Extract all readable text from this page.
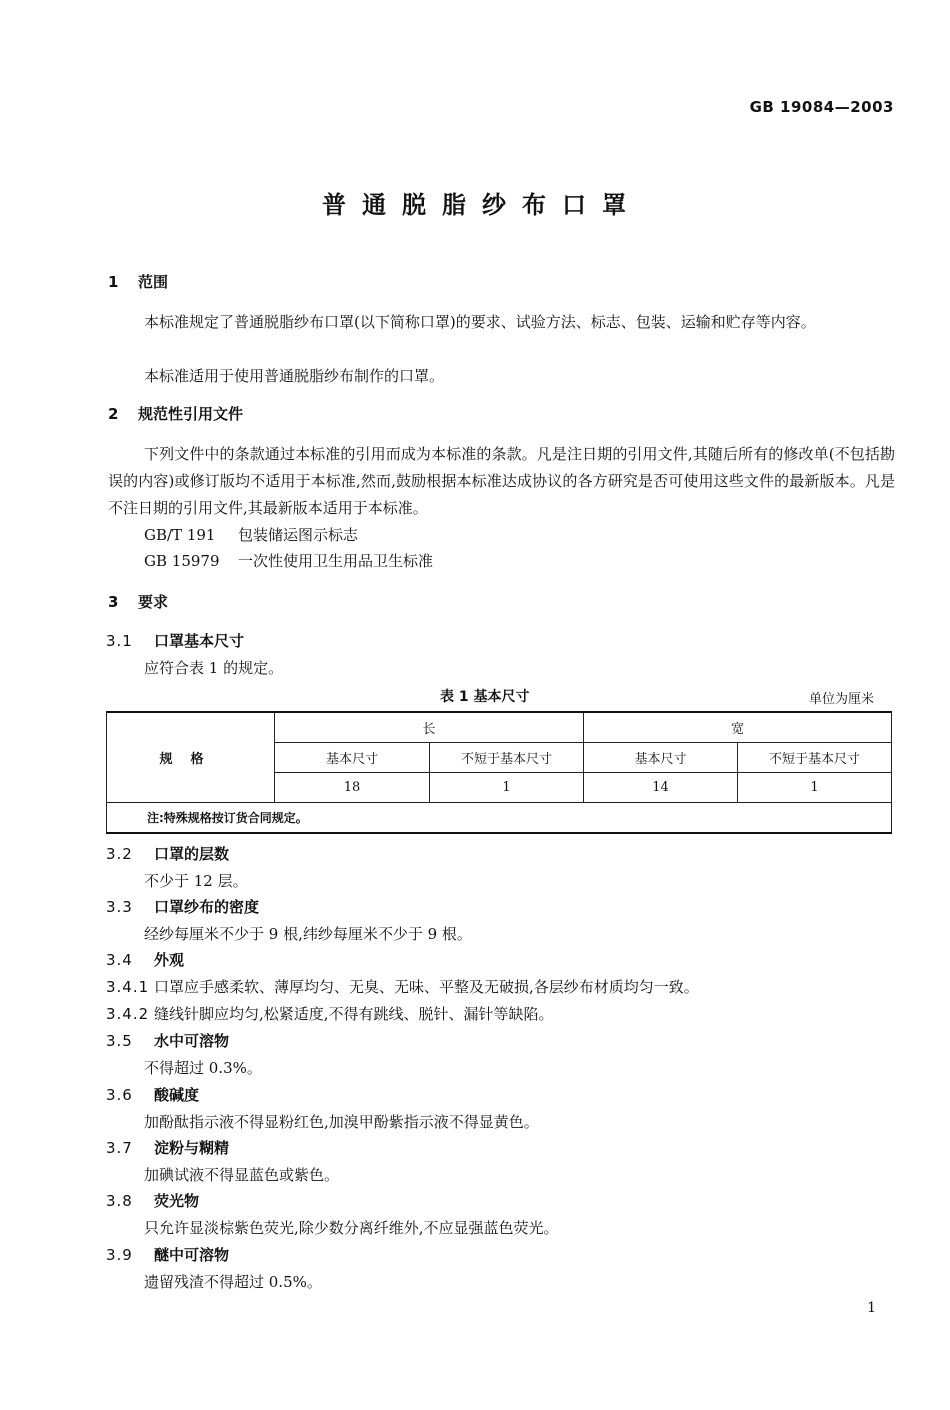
GB 19084—2003
普通脱脂纱布口罩
1 范围
本标准规定了普通脱脂纱布口罩(以下简称口罩)的要求、试验方法、标志、包装、运输和贮存等内容。
本标准适用于使用普通脱脂纱布制作的口罩。
2 规范性引用文件
下列文件中的条款通过本标准的引用而成为本标准的条款。凡是注日期的引用文件,其随后所有的修改单(不包括勘误的内容)或修订版均不适用于本标准,然而,鼓励根据本标准达成协议的各方研究是否可使用这些文件的最新版本。凡是不注日期的引用文件,其最新版本适用于本标准。
GB/T 191 包装储运图示标志
GB 15979 一次性使用卫生用品卫生标准
3 要求
3.1 口罩基本尺寸
应符合表 1 的规定。
表 1 基本尺寸	单位为厘米
规格	长		宽	
	基本尺寸	不短于基本尺寸	基本尺寸	不短于基本尺寸
	18	1	14	1
注:特殊规格按订货合同规定。				
3.2 口罩的层数
不少于 12 层。
3.3 口罩纱布的密度
经纱每厘米不少于 9 根,纬纱每厘米不少于 9 根。
3.4 外观
3.4.1 口罩应手感柔软、薄厚均匀、无臭、无味、平整及无破损,各层纱布材质均匀一致。
3.4.2 缝线针脚应均匀,松紧适度,不得有跳线、脱针、漏针等缺陷。
3.5 水中可溶物
不得超过 0.3%。
3.6 酸碱度
加酚酞指示液不得显粉红色,加溴甲酚紫指示液不得显黄色。
3.7 淀粉与糊精
加碘试液不得显蓝色或紫色。
3.8 荧光物
只允许显淡棕紫色荧光,除少数分离纤维外,不应显强蓝色荧光。
3.9 醚中可溶物
遗留残渣不得超过 0.5%。
1
